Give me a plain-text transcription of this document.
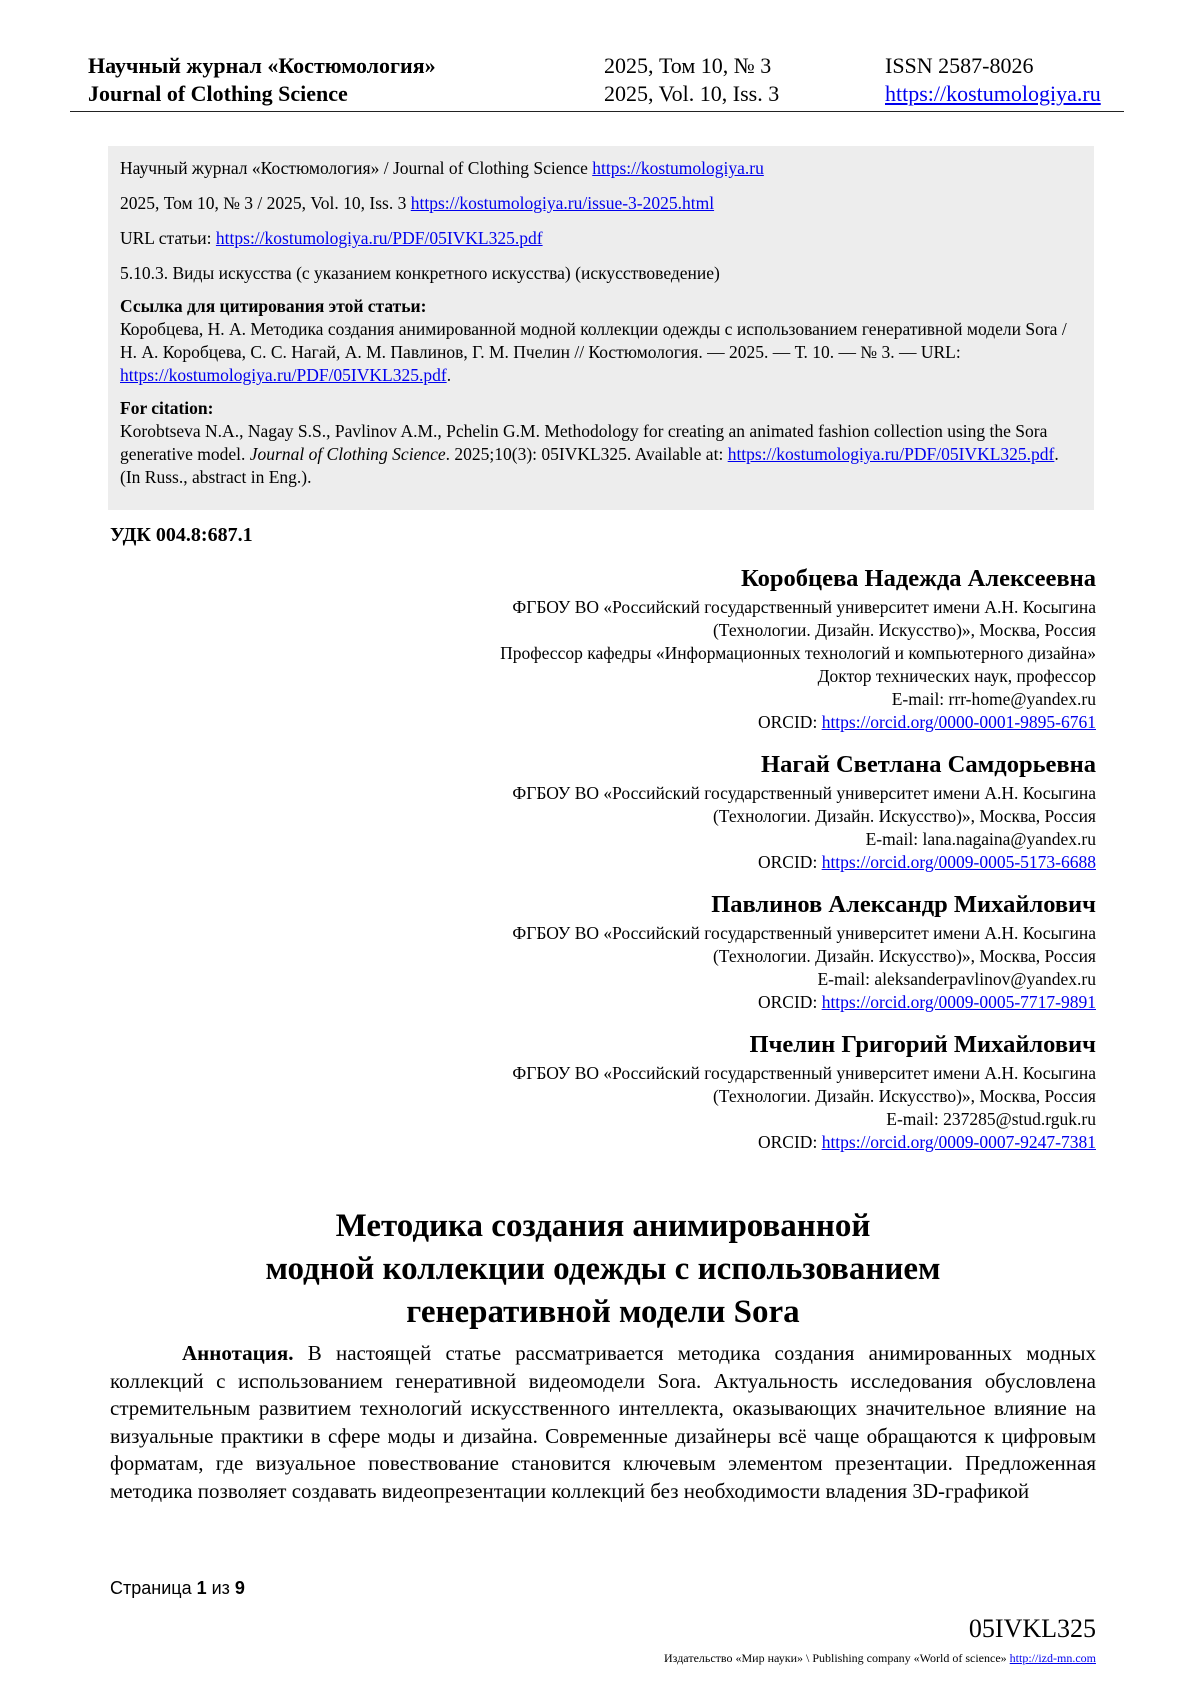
Научный журнал «Костюмология»
Journal of Clothing Science
2025, Том 10, № 3
2025, Vol. 10, Iss. 3
ISSN 2587-8026
https://kostumologiya.ru

Научный журнал «Костюмология» / Journal of Clothing Science https://kostumologiya.ru

2025, Том 10, № 3 / 2025, Vol. 10, Iss. 3 https://kostumologiya.ru/issue-3-2025.html

URL статьи: https://kostumologiya.ru/PDF/05IVKL325.pdf

5.10.3. Виды искусства (с указанием конкретного искусства) (искусствоведение)

Ссылка для цитирования этой статьи:
Коробцева, Н. А. Методика создания анимированной модной коллекции одежды с использованием генеративной модели Sora / Н. А. Коробцева, С. С. Нагай, А. М. Павлинов, Г. М. Пчелин // Костюмология. — 2025. — Т. 10. — № 3. — URL: https://kostumologiya.ru/PDF/05IVKL325.pdf.

For citation:
Korobtseva N.A., Nagay S.S., Pavlinov A.M., Pchelin G.M. Methodology for creating an animated fashion collection using the Sora generative model. Journal of Clothing Science. 2025;10(3): 05IVKL325. Available at: https://kostumologiya.ru/PDF/05IVKL325.pdf. (In Russ., abstract in Eng.).

УДК 004.8:687.1
Коробцева Надежда Алексеевна
ФГБОУ ВО «Российский государственный университет имени А.Н. Косыгина
(Технологии. Дизайн. Искусство)», Москва, Россия
Профессор кафедры «Информационных технологий и компьютерного дизайна»
Доктор технических наук, профессор
E-mail: rrr-home@yandex.ru
ORCID: https://orcid.org/0000-0001-9895-6761
Нагай Светлана Самдорьевна
ФГБОУ ВО «Российский государственный университет имени А.Н. Косыгина
(Технологии. Дизайн. Искусство)», Москва, Россия
E-mail: lana.nagaina@yandex.ru
ORCID: https://orcid.org/0009-0005-5173-6688
Павлинов Александр Михайлович
ФГБОУ ВО «Российский государственный университет имени А.Н. Косыгина
(Технологии. Дизайн. Искусство)», Москва, Россия
E-mail: aleksanderpavlinov@yandex.ru
ORCID: https://orcid.org/0009-0005-7717-9891
Пчелин Григорий Михайлович
ФГБОУ ВО «Российский государственный университет имени А.Н. Косыгина
(Технологии. Дизайн. Искусство)», Москва, Россия
E-mail: 237285@stud.rguk.ru
ORCID: https://orcid.org/0009-0007-9247-7381
Методика создания анимированной
модной коллекции одежды с использованием
генеративной модели Sora
Аннотация. В настоящей статье рассматривается методика создания анимированных модных коллекций с использованием генеративной видеомодели Sora. Актуальность исследования обусловлена стремительным развитием технологий искусственного интеллекта, оказывающих значительное влияние на визуальные практики в сфере моды и дизайна. Современные дизайнеры всё чаще обращаются к цифровым форматам, где визуальное повествование становится ключевым элементом презентации. Предложенная методика позволяет создавать видеопрезентации коллекций без необходимости владения 3D-графикой
Страница 1 из 9
05IVKL325
Издательство «Мир науки» \ Publishing company «World of science» http://izd-mn.com
